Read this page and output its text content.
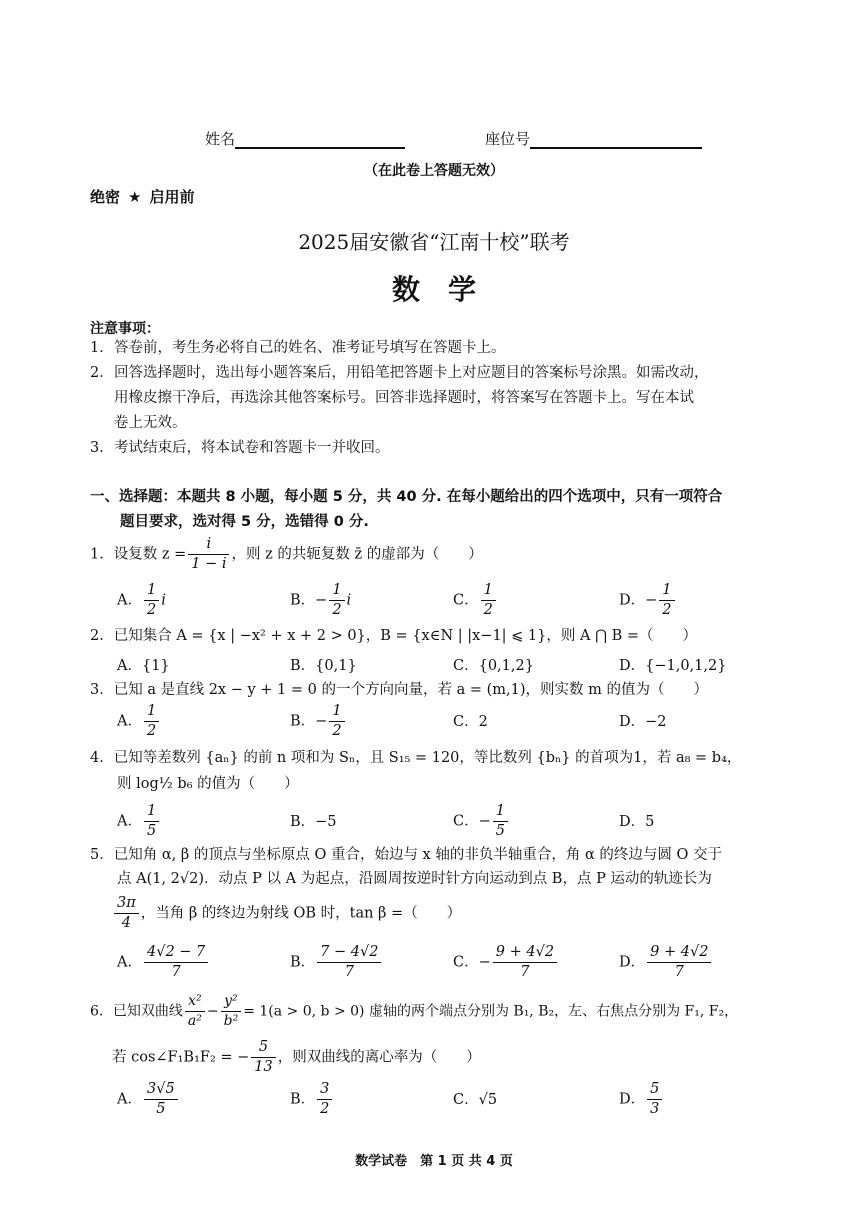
姓名	座位号
（在此卷上答题无效）
绝密 ★ 启用前
2025届安徽省“江南十校”联考
数学
注意事项：
1．答卷前，考生务必将自己的姓名、准考证号填写在答题卡上。
2．回答选择题时，选出每小题答案后，用铅笔把答题卡上对应题目的答案标号涂黑。如需改动，
用橡皮擦干净后，再选涂其他答案标号。回答非选择题时，将答案写在答题卡上。写在本试
卷上无效。
3．考试结束后，将本试卷和答题卡一并收回。
一、选择题：本题共 8 小题，每小题 5 分，共 40 分. 在每小题给出的四个选项中，只有一项符合
题目要求，选对得 5 分，选错得 0 分.
1．设复数 $z = \frac{i}{1 - i}$ ，则 z 的共轭复数 z̄ 的虚部为（　　）
A． $\frac{1}{2}$ i	B．− $\frac{1}{2}$ i	C． $\frac{1}{2}$	D．− $\frac{1}{2}$
2．已知集合 A = {x | −x² + x + 2 > 0}，B = {x∈N | |x−1| ⩽ 1}，则 A ⋂ B =（　　）
A．{1}	B．{0,1}	C．{0,1,2}	D．{−1,0,1,2}
3．已知 a 是直线 2x − y + 1 = 0 的一个方向向量，若 a = (m,1)，则实数 m 的值为（　　）
A． $\frac{1}{2}$	B．− $\frac{1}{2}$	C．2	D．−2
4．已知等差数列 {aₙ} 的前 n 项和为 Sₙ，且 S₁₅ = 120，等比数列 {bₙ} 的首项为1，若 a₈ = b₄，
则 log½ b₆ 的值为（　　）
A． $\frac{1}{5}$	B．−5	C．− $\frac{1}{5}$	D．5
5．已知角 α, β 的顶点与坐标原点 O 重合，始边与 x 轴的非负半轴重合，角 α 的终边与圆 O 交于
点 A(1, 2√2)．动点 P 以 A 为起点，沿圆周按逆时针方向运动到点 B，点 P 运动的轨迹长为
$\frac{3\pi}{4}$ ，当角 β 的终边为射线 OB 时，tan β =（　　）
A． $\frac{4√2 - 7}{7}$	B． $\frac{7 - 4√2}{7}$	C．− $\frac{9 + 4√2}{7}$	D． $\frac{9 + 4√2}{7}$
6．已知双曲线 $\frac{\text{x²}}{\text{a²}} - \frac{\text{y²}}{\text{b²}} = 1(a > 0$, b > 0) 虚轴的两个端点分别为 B₁, B₂，左、右焦点分别为 F₁, F₂，
若 cos∠F₁B₁F₂ = − $\frac{5}{13}$ ，则双曲线的离心率为（　　）
A． $\frac{3√5}{5}$	B． $\frac{3}{2}$	C．√5	D． $\frac{5}{3}$
数学试卷　第 1 页 共 4 页
